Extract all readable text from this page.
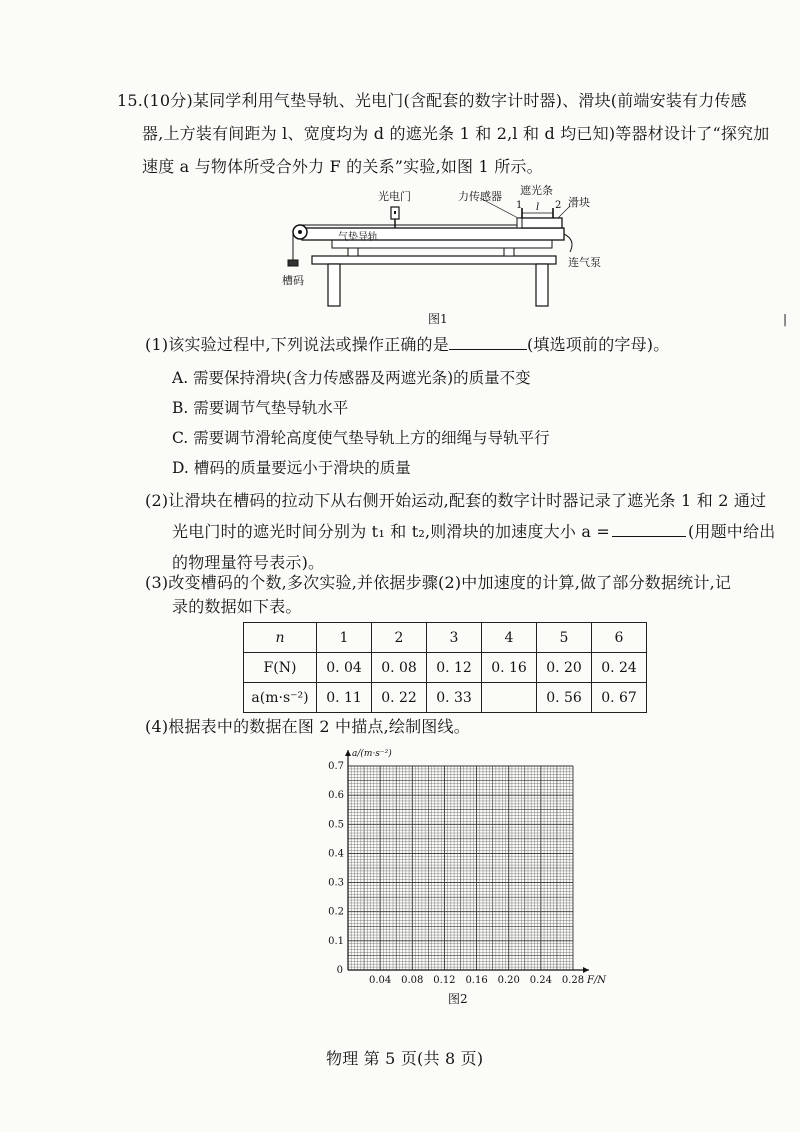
15.(10分)某同学利用气垫导轨、光电门(含配套的数字计时器)、滑块(前端安装有力传感
器,上方装有间距为 l、宽度均为 d 的遮光条 1 和 2,l 和 d 均已知)等器材设计了“探究加
速度 a 与物体所受合外力 F 的关系”实验,如图 1 所示。
光电门	力传感器 遮光条
滑块
1	2
l
气垫导轨
槽码
连气泵
图1	|
(1)该实验过程中,下列说法或操作正确的是	(填选项前的字母)。
A. 需要保持滑块(含力传感器及两遮光条)的质量不变
B. 需要调节气垫导轨水平
C. 需要调节滑轮高度使气垫导轨上方的细绳与导轨平行
D. 槽码的质量要远小于滑块的质量
(2)让滑块在槽码的拉动下从右侧开始运动,配套的数字计时器记录了遮光条 1 和 2 通过
光电门时的遮光时间分别为 t₁ 和 t₂,则滑块的加速度大小 a =	(用题中给出
的物理量符号表示)。
(3)改变槽码的个数,多次实验,并依据步骤(2)中加速度的计算,做了部分数据统计,记
录的数据如下表。
n	1	2	3	4	5	6
F(N)	0. 04	0. 08	0. 12	0. 16	0. 20	0. 24
a(m·s⁻²)	0. 11	0. 22	0. 33		0. 56	0. 67
(4)根据表中的数据在图 2 中描点,绘制图线。
0.04 0.08 0.12 0.16 0.20 0.24 0.28
0.1
0.2
0.3
0.4
0.5
0.6
0.7
0
F/N
a/(m·s⁻²)
图2
物理 第 5 页(共 8 页)
